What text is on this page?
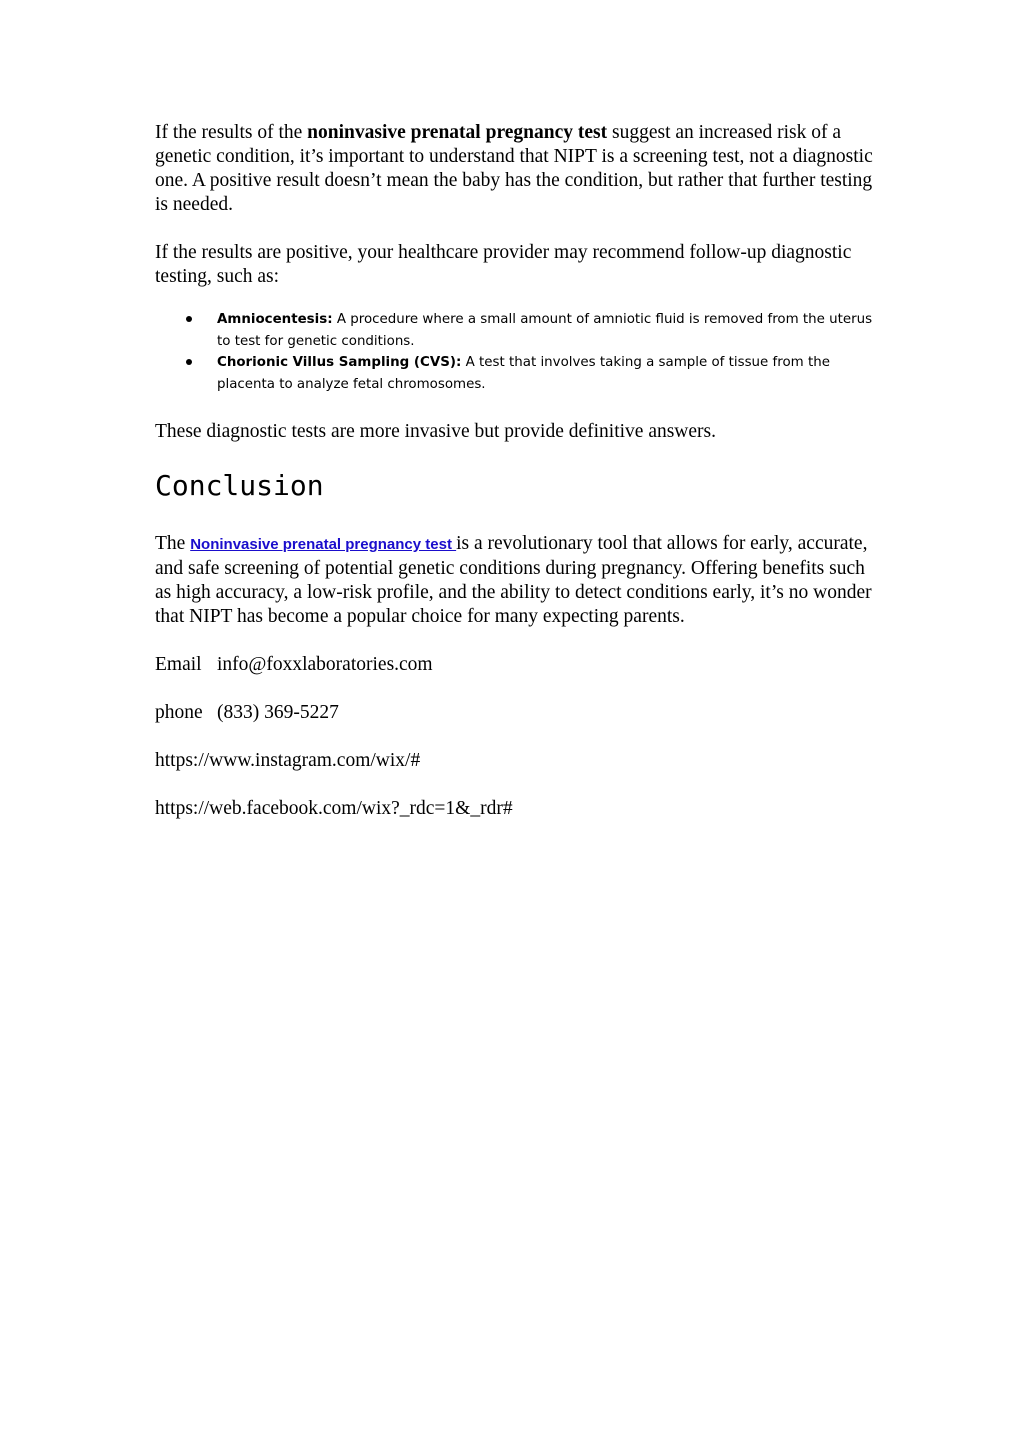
If the results of the noninvasive prenatal pregnancy test suggest an increased risk of a genetic condition, it’s important to understand that NIPT is a screening test, not a diagnostic one. A positive result doesn’t mean the baby has the condition, but rather that further testing is needed.

If the results are positive, your healthcare provider may recommend follow-up diagnostic testing, such as:

Amniocentesis: A procedure where a small amount of amniotic fluid is removed from the uterus to test for genetic conditions.
Chorionic Villus Sampling (CVS): A test that involves taking a sample of tissue from the placenta to analyze fetal chromosomes.

These diagnostic tests are more invasive but provide definitive answers.

Conclusion

The Noninvasive prenatal pregnancy test is a revolutionary tool that allows for early, accurate, and safe screening of potential genetic conditions during pregnancy. Offering benefits such as high accuracy, a low-risk profile, and the ability to detect conditions early, it’s no wonder that NIPT has become a popular choice for many expecting parents.

Email info@foxxlaboratories.com

phone (833) 369-5227

https://www.instagram.com/wix/#

https://web.facebook.com/wix?_rdc=1&_rdr#
